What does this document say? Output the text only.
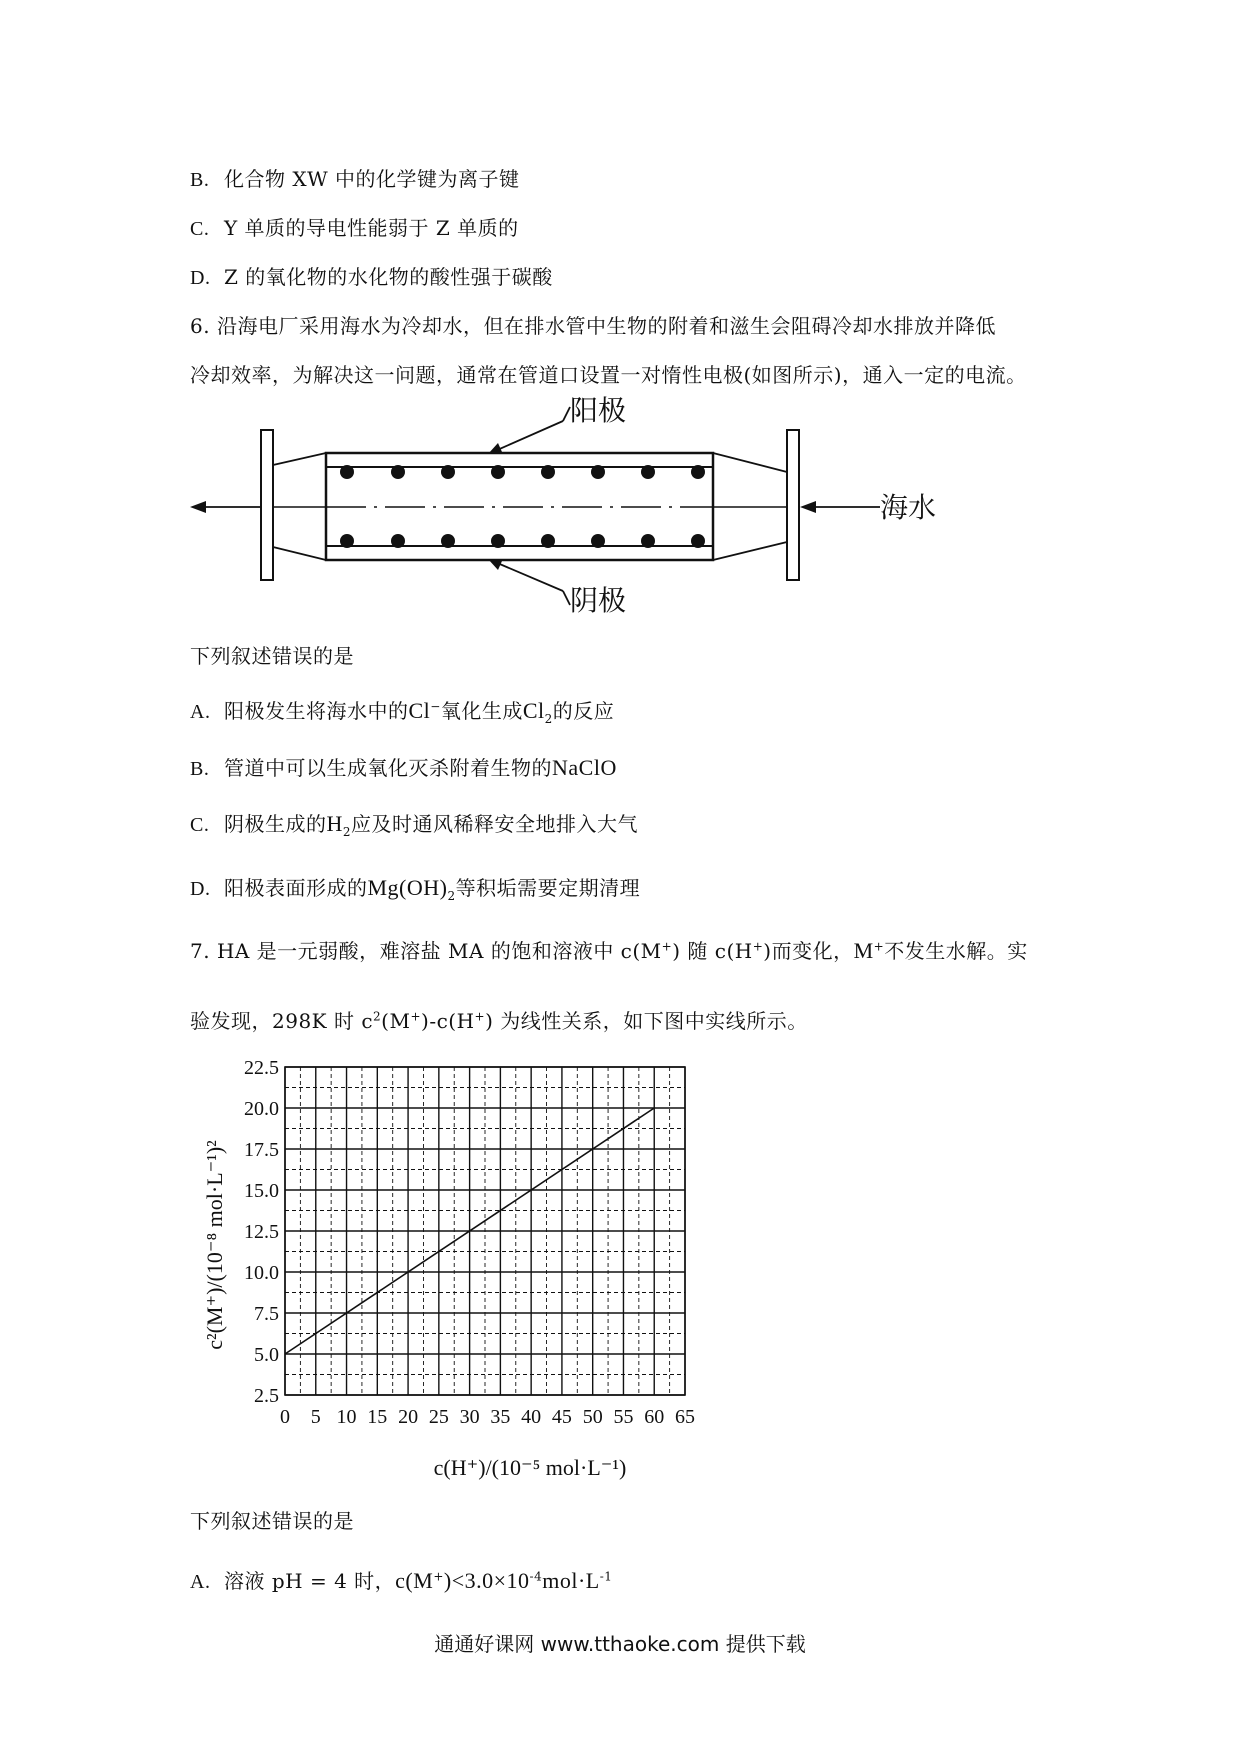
B. 化合物 XW 中的化学键为离子键
C. Y 单质的导电性能弱于 Z 单质的
D. Z 的氧化物的水化物的酸性强于碳酸
6. 沿海电厂采用海水为冷却水，但在排水管中生物的附着和滋生会阻碍冷却水排放并降低
冷却效率，为解决这一问题，通常在管道口设置一对惰性电极(如图所示)，通入一定的电流。
阳极
阴极
海水
下列叙述错误的是
A. 阳极发生将海水中的Cl−氧化生成$Cl_2$的反应
B. 管道中可以生成氧化灭杀附着生物的NaClO
C. 阴极生成的$H_2$应及时通风稀释安全地排入大气
D. 阳极表面形成的$Mg(OH)_2$等积垢需要定期清理
7. HA 是一元弱酸，难溶盐 MA 的饱和溶液中 c(M+) 随 c(H+)而变化，M+不发生水解。实
验发现，298K 时 $c^2(M^+)-c(H^+)$ 为线性关系，如下图中实线所示。
0 5 10 15 20 25 30 35 40 45 50 55 60 65
2.5
5.0
7.5
10.0
12.5
15.0
17.5
20.0
22.5
c(H⁺)/(10⁻⁵ mol·L⁻¹)
c²(M⁺)/(10⁻⁸ mol·L⁻¹)²
下列叙述错误的是
A. 溶液 pH = 4 时，$c(M^+)<3.0\times 10^{-4}mol\cdot L^{-1}$
通通好课网 www.tthaoke.com 提供下载
